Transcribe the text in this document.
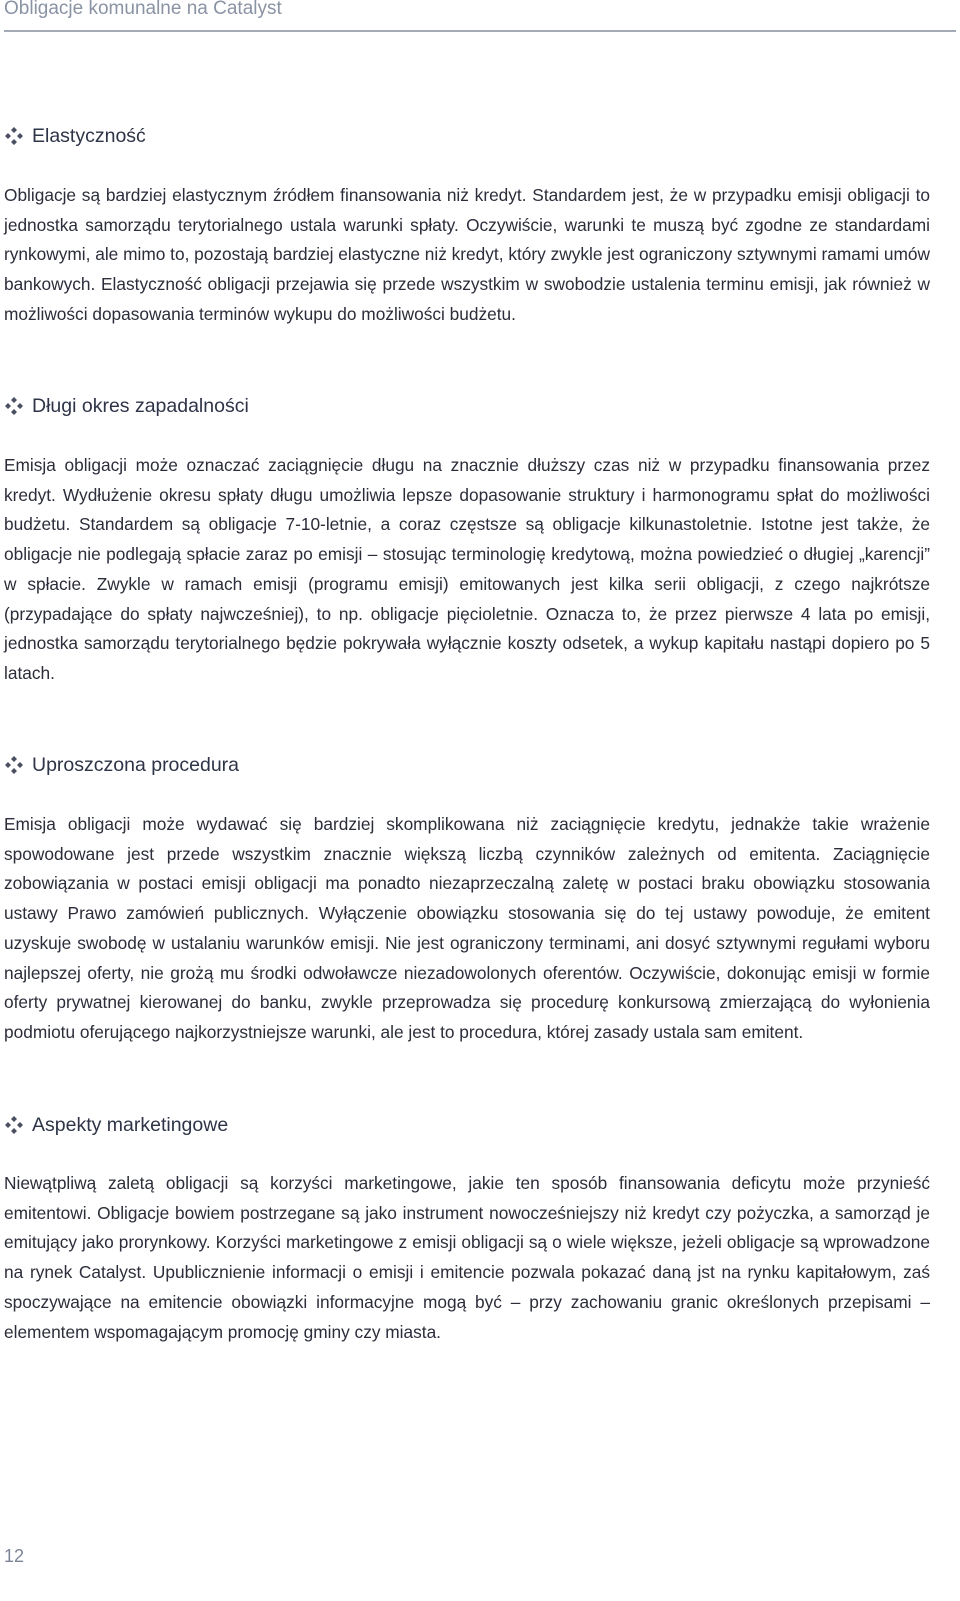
Obligacje komunalne na Catalyst
Elastyczność

Obligacje są bardziej elastycznym źródłem finansowania niż kredyt. Standardem jest, że w przypadku emisji obligacji to jednostka samorządu terytorialnego ustala warunki spłaty. Oczywiście, warunki te muszą być zgodne ze standardami rynkowymi, ale mimo to, pozostają bardziej elastyczne niż kredyt, który zwykle jest ograniczony sztywnymi ramami umów bankowych. Elastyczność obligacji przejawia się przede wszystkim w swobodzie ustalenia terminu emisji, jak również w możliwości dopasowania terminów wykupu do możliwości budżetu.

Długi okres zapadalności

Emisja obligacji może oznaczać zaciągnięcie długu na znacznie dłuższy czas niż w przypadku finansowania przez kredyt. Wydłużenie okresu spłaty długu umożliwia lepsze dopasowanie struktury i harmonogramu spłat do możliwości budżetu. Standardem są obligacje 7-10-letnie, a coraz częstsze są obligacje kilkunastoletnie. Istotne jest także, że obligacje nie podlegają spłacie zaraz po emisji – stosując terminologię kredytową, można powiedzieć o długiej „karencji” w spłacie. Zwykle w ramach emisji (programu emisji) emitowanych jest kilka serii obligacji, z czego najkrótsze (przypadające do spłaty najwcześniej), to np. obligacje pięcioletnie. Oznacza to, że przez pierwsze 4 lata po emisji, jednostka samorządu terytorialnego będzie pokrywała wyłącznie koszty odsetek, a wykup kapitału nastąpi dopiero po 5 latach.

Uproszczona procedura

Emisja obligacji może wydawać się bardziej skomplikowana niż zaciągnięcie kredytu, jednakże takie wrażenie spowodowane jest przede wszystkim znacznie większą liczbą czynników zależnych od emitenta. Zaciągnięcie zobowiązania w postaci emisji obligacji ma ponadto niezaprzeczalną zaletę w postaci braku obowiązku stosowania ustawy Prawo zamówień publicznych. Wyłączenie obowiązku stosowania się do tej ustawy powoduje, że emitent uzyskuje swobodę w ustalaniu warunków emisji. Nie jest ograniczony terminami, ani dosyć sztywnymi regułami wyboru najlepszej oferty, nie grożą mu środki odwoławcze niezadowolonych oferentów. Oczywiście, dokonując emisji w formie oferty prywatnej kierowanej do banku, zwykle przeprowadza się procedurę konkursową zmierzającą do wyłonienia podmiotu oferującego najkorzystniejsze warunki, ale jest to procedura, której zasady ustala sam emitent.

Aspekty marketingowe

Niewątpliwą zaletą obligacji są korzyści marketingowe, jakie ten sposób finansowania deficytu może przynieść emitentowi. Obligacje bowiem postrzegane są jako instrument nowocześniejszy niż kredyt czy pożyczka, a samorząd je emitujący jako prorynkowy. Korzyści marketingowe z emisji obligacji są o wiele większe, jeżeli obligacje są wprowadzone na rynek Catalyst. Upublicznienie informacji o emisji i emitencie pozwala pokazać daną jst na rynku kapitałowym, zaś spoczywające na emitencie obowiązki informacyjne mogą być – przy zachowaniu granic określonych przepisami – elementem wspomagającym promocję gminy czy miasta.

12
